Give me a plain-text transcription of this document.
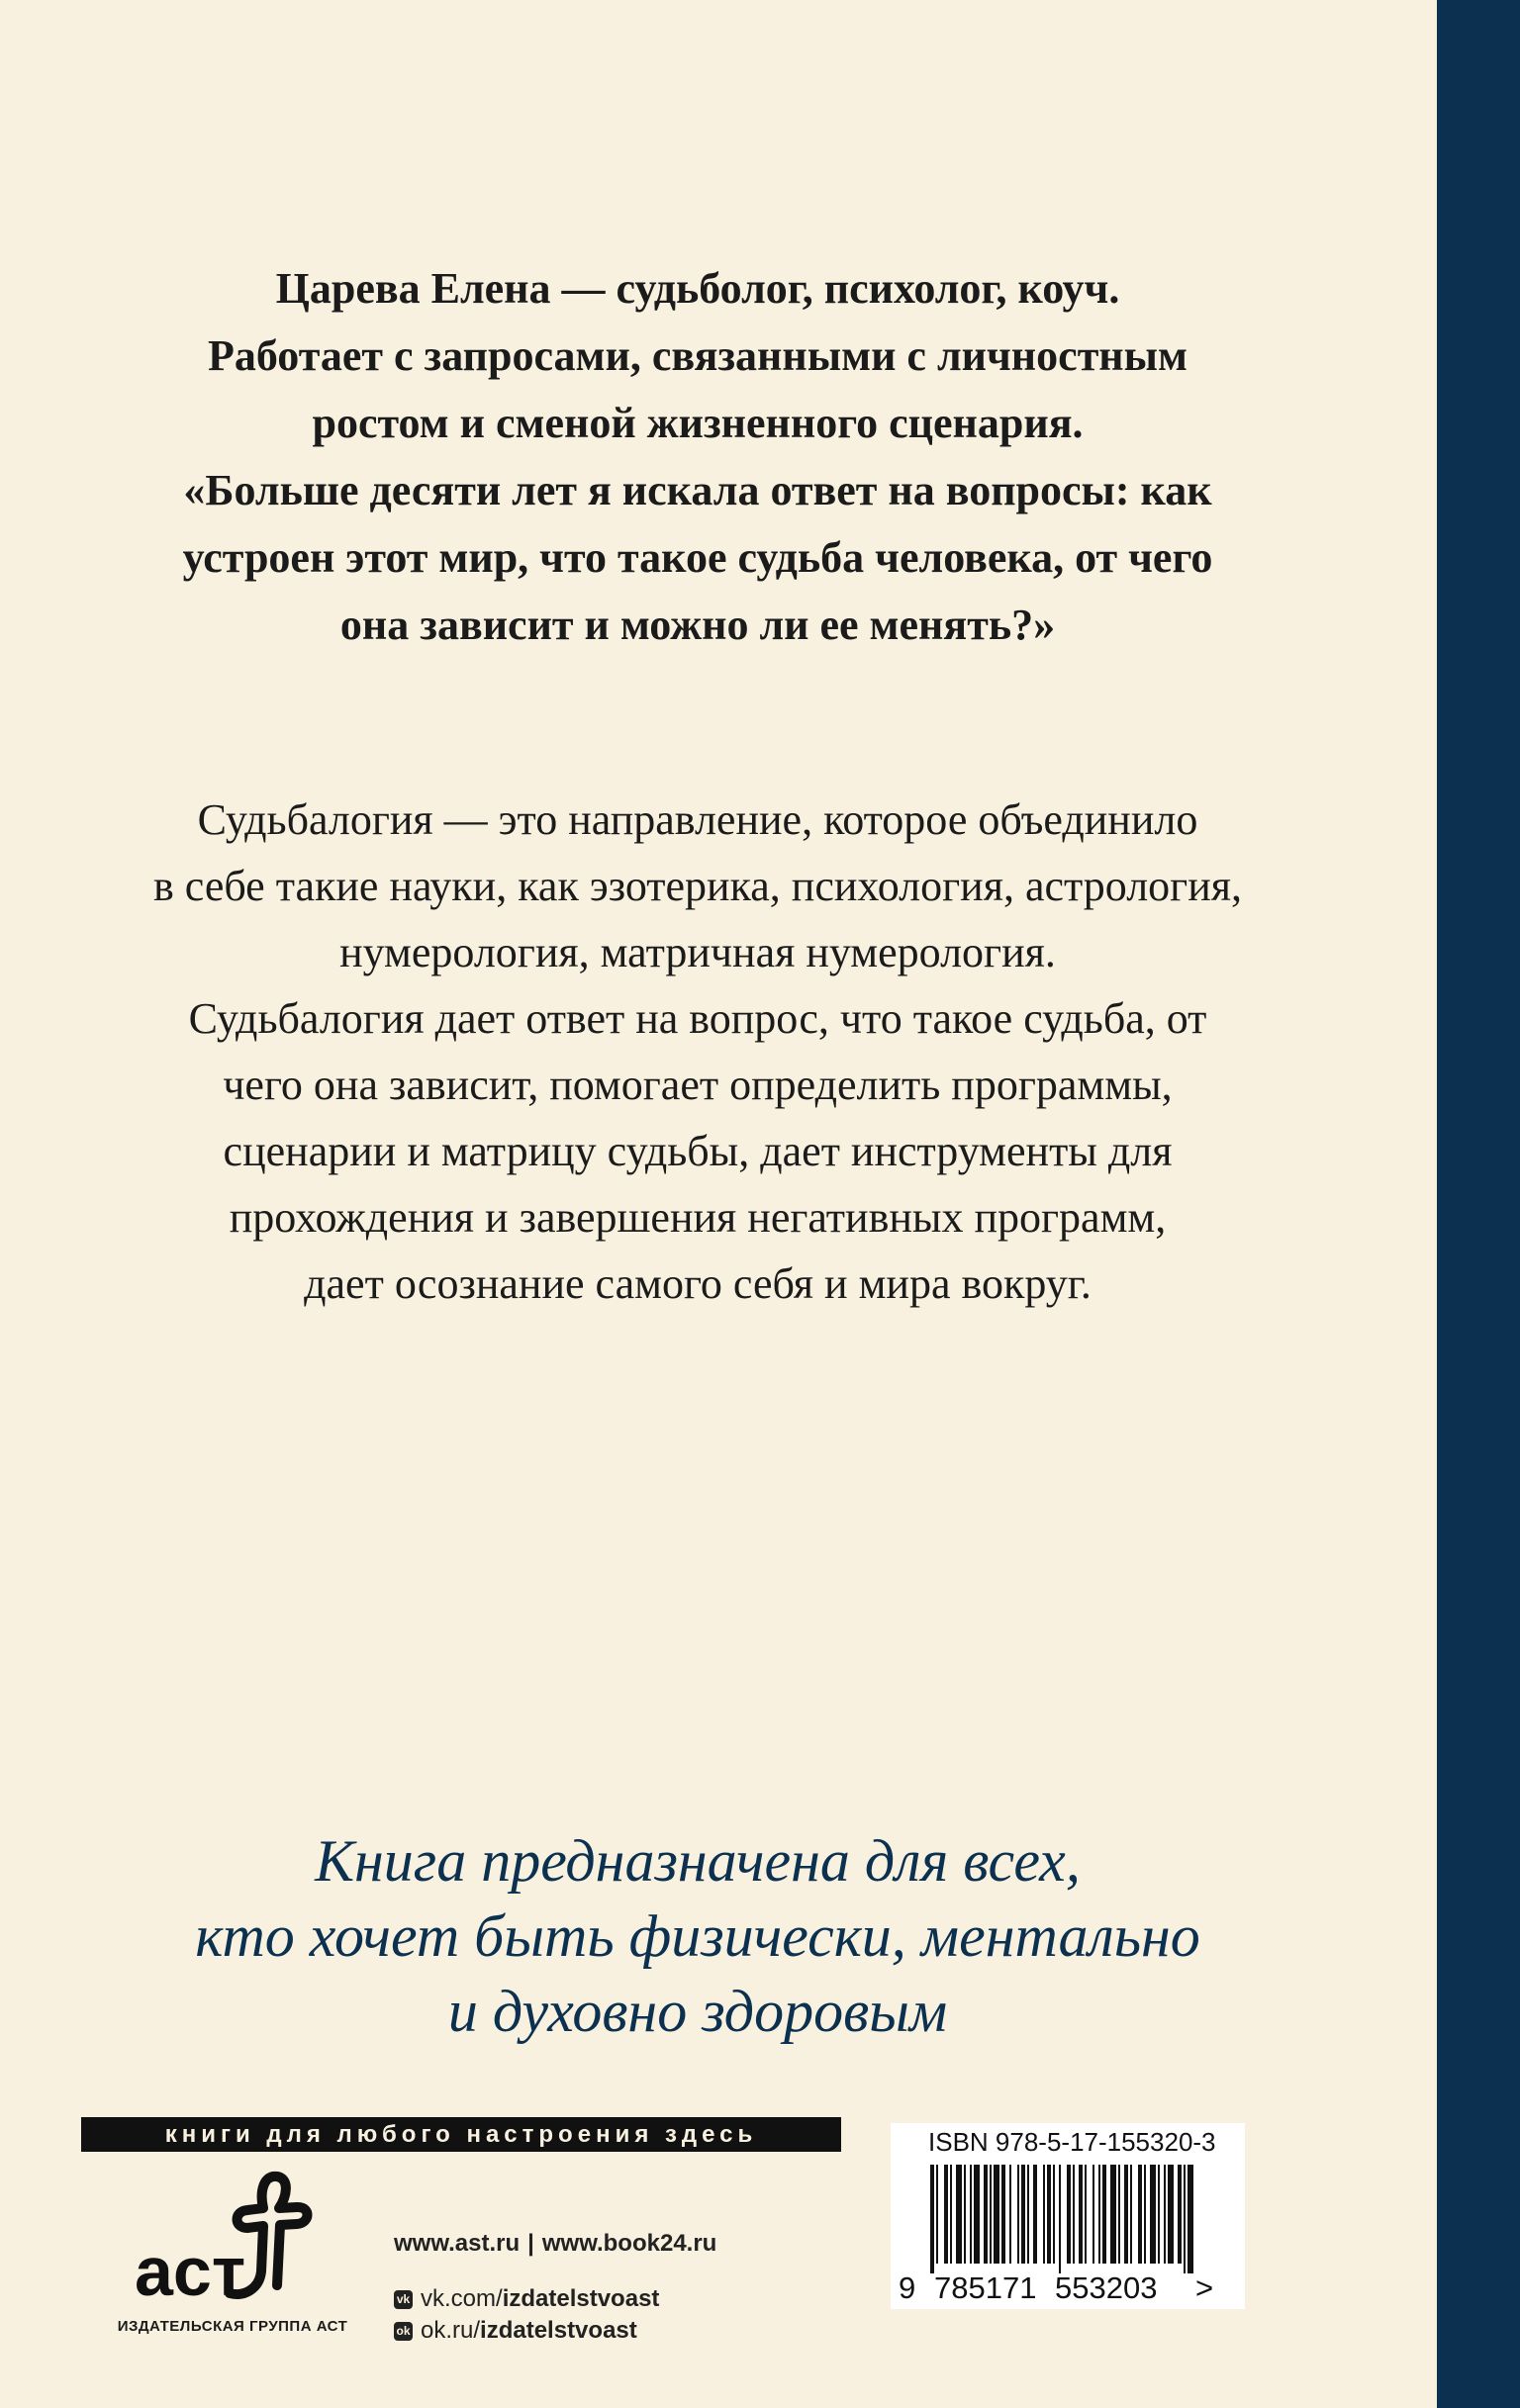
Царева Елена — судьболог, психолог, коуч.
Работает с запросами, связанными с личностным
ростом и сменой жизненного сценария.
«Больше десяти лет я искала ответ на вопросы: как
устроен этот мир, что такое судьба человека, от чего
она зависит и можно ли ее менять?»
Судьбалогия — это направление, которое объединило
в себе такие науки, как эзотерика, психология, астрология,
нумерология, матричная нумерология.
Судьбалогия дает ответ на вопрос, что такое судьба, от
чего она зависит, помогает определить программы,
сценарии и матрицу судьбы, дает инструменты для
прохождения и завершения негативных программ,
дает осознание самого себя и мира вокруг.
Книга предназначена для всех,
кто хочет быть физически, ментально
и духовно здоровым
книги для любого настроения здесь
аст
ИЗДАТЕЛЬСКАЯ ГРУППА АСТ
www.ast.ru | www.book24.ru
vk vk.com/ izdatelstvoast
ok ok.ru/ izdatelstvoast
ISBN 978-5-17-155320-3
9 785171 553203 >
